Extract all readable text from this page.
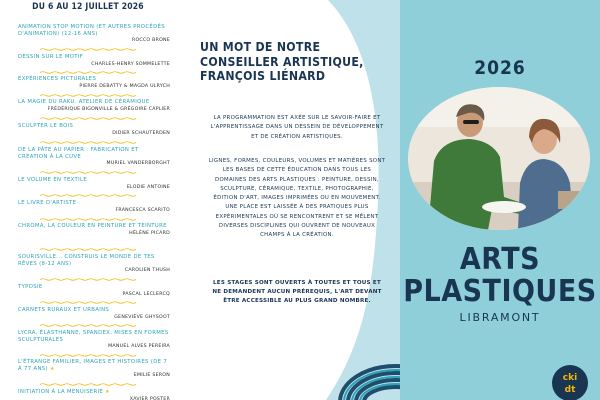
DU 6 AU 12 JUILLET 2026
ANIMATION STOP MOTION (ET AUTRES PROCÉDÉS D'ANIMATION) (12-16 ANS)
ROCCO BRONE
DESSIN SUR LE MOTIF
CHARLES-HENRY SOMMELETTE
EXPÉRIENCES PICTURALES
PIERRE DEBATTY & MAGDA ULRYCH
LA MAGIE DU RAKU. ATELIER DE CÉRAMIQUE
FRÉDÉRIQUE BIGONVILLE & GRÉGOIRE CAPLIER
SCULPTER LE BOIS
DIDIER SCHAUTERDEN
DE LA PÂTE AU PAPIER : FABRICATION ET CRÉATION À LA CUVE
MURIEL VANDERBORGHT
LE VOLUME EN TEXTILE
ELODIE ANTOINE
LE LIVRE D'ARTISTE
FRANCESCA SCARITO
CHROMA, LA COULEUR EN PEINTURE ET TEINTURE
HÉLÈNE PICARD
SOURISVILLE... CONSTRUIS LE MONDE DE TES RÊVES (8-12 ANS)
CAROLIEN THUSH
TYPOSIE
PASCAL LECLERCQ
CARNETS RURAUX ET URBAINS
GENEVIÈVE GHYSOOT
LYCRA, ÉLASTHANNE, SPANDEX. MISES EN FORMES SCULPTURALES
MANUEL ALVES PEREIRA
L'ÉTRANGE FAMILIER, IMAGES ET HISTOIRES (DE 7 À 77 ANS) ★
EMILIE SERON
INITIATION À LA MENUISERIE ★
XAVIER POSTER
UN MOT DE NOTRE CONSEILLER ARTISTIQUE, FRANÇOIS LIÉNARD
LA PROGRAMMATION EST AXÉE SUR LE SAVOIR-FAIRE ET L'APPRENTISSAGE DANS UN DESSEIN DE DÉVELOPPEMENT ET DE CRÉATION ARTISTIQUES.
LIGNES, FORMES, COULEURS, VOLUMES ET MATIÈRES SONT LES BASES DE CETTE ÉDUCATION DANS TOUS LES DOMAINES DES ARTS PLASTIQUES : PEINTURE, DESSIN, SCULPTURE, CÉRAMIQUE, TEXTILE, PHOTOGRAPHIE, ÉDITION D'ART, IMAGES IMPRIMÉES OU EN MOUVEMENT. UNE PLACE EST LAISSÉE À DES PRATIQUES PLUS EXPÉRIMENTALES OÙ SE RENCONTRENT ET SE MÊLENT DIVERSES DISCIPLINES QUI OUVRENT DE NOUVEAUX CHAMPS À LA CRÉATION.
LES STAGES SONT OUVERTS À TOUTES ET TOUS ET NE DEMANDENT AUCUN PRÉREQUIS, L'ART DEVANT ÊTRE ACCESSIBLE AU PLUS GRAND NOMBRE.
2026
ARTS
PLASTIQUES
LIBRAMONT
cki
dt
